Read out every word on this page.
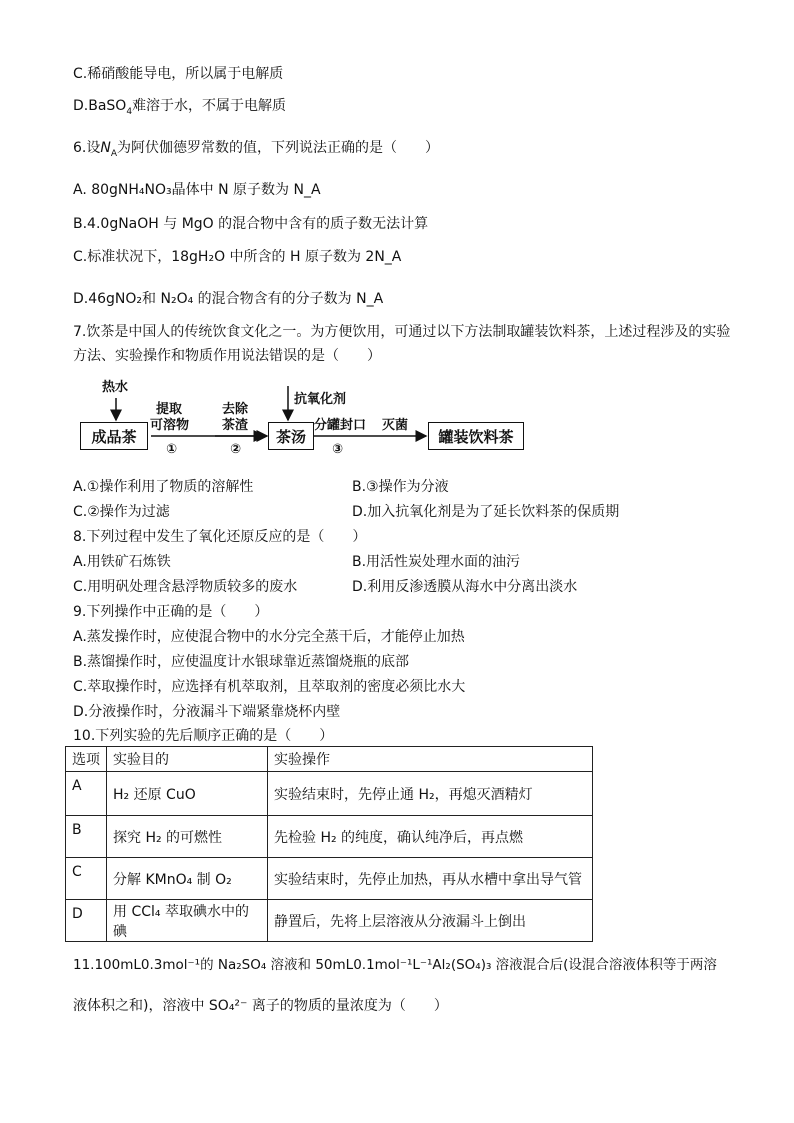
C.稀硝酸能导电，所以属于电解质
D.BaSO$_4$难溶于水，不属于电解质
6.设$N_A$为阿伏伽德罗常数的值，下列说法正确的是（　　）
A. 80gNH₄NO₃晶体中 N 原子数为 N_A
B.4.0gNaOH 与 MgO 的混合物中含有的质子数无法计算
C.标准状况下，18gH₂O 中所含的 H 原子数为 2N_A
D.46gNO₂和 N₂O₄ 的混合物含有的分子数为 N_A
7.饮茶是中国人的传统饮食文化之一。为方便饮用，可通过以下方法制取罐装饮料茶，上述过程涉及的实验
方法、实验操作和物质作用说法错误的是（　　）
热水
成品茶
提取
可溶物
①
去除
茶渣
②
茶汤
抗氧化剂
分罐封口
③
灭菌
罐装饮料茶
A.①操作利用了物质的溶解性	B.③操作为分液
C.②操作为过滤	D.加入抗氧化剂是为了延长饮料茶的保质期
8.下列过程中发生了氧化还原反应的是（　　）
A.用铁矿石炼铁	B.用活性炭处理水面的油污
C.用明矾处理含悬浮物质较多的废水	D.利用反渗透膜从海水中分离出淡水
9.下列操作中正确的是（　　）
A.蒸发操作时，应使混合物中的水分完全蒸干后，才能停止加热
B.蒸馏操作时，应使温度计水银球靠近蒸馏烧瓶的底部
C.萃取操作时，应选择有机萃取剂，且萃取剂的密度必须比水大
D.分液操作时，分液漏斗下端紧靠烧杯内壁
10.下列实验的先后顺序正确的是（　　）
选项	实验目的	实验操作
A	H₂ 还原 CuO	实验结束时，先停止通 H₂，再熄灭酒精灯
B	探究 H₂ 的可燃性	先检验 H₂ 的纯度，确认纯净后，再点燃
C	分解 KMnO₄ 制 O₂	实验结束时，先停止加热，再从水槽中拿出导气管
D	用 CCl₄ 萃取碘水中的碘	静置后，先将上层溶液从分液漏斗上倒出
11.100mL0.3mol⁻¹的 Na₂SO₄ 溶液和 50mL0.1mol⁻¹L⁻¹Al₂(SO₄)₃ 溶液混合后(设混合溶液体积等于两溶
液体积之和)，溶液中 SO₄²⁻ 离子的物质的量浓度为（　　）
